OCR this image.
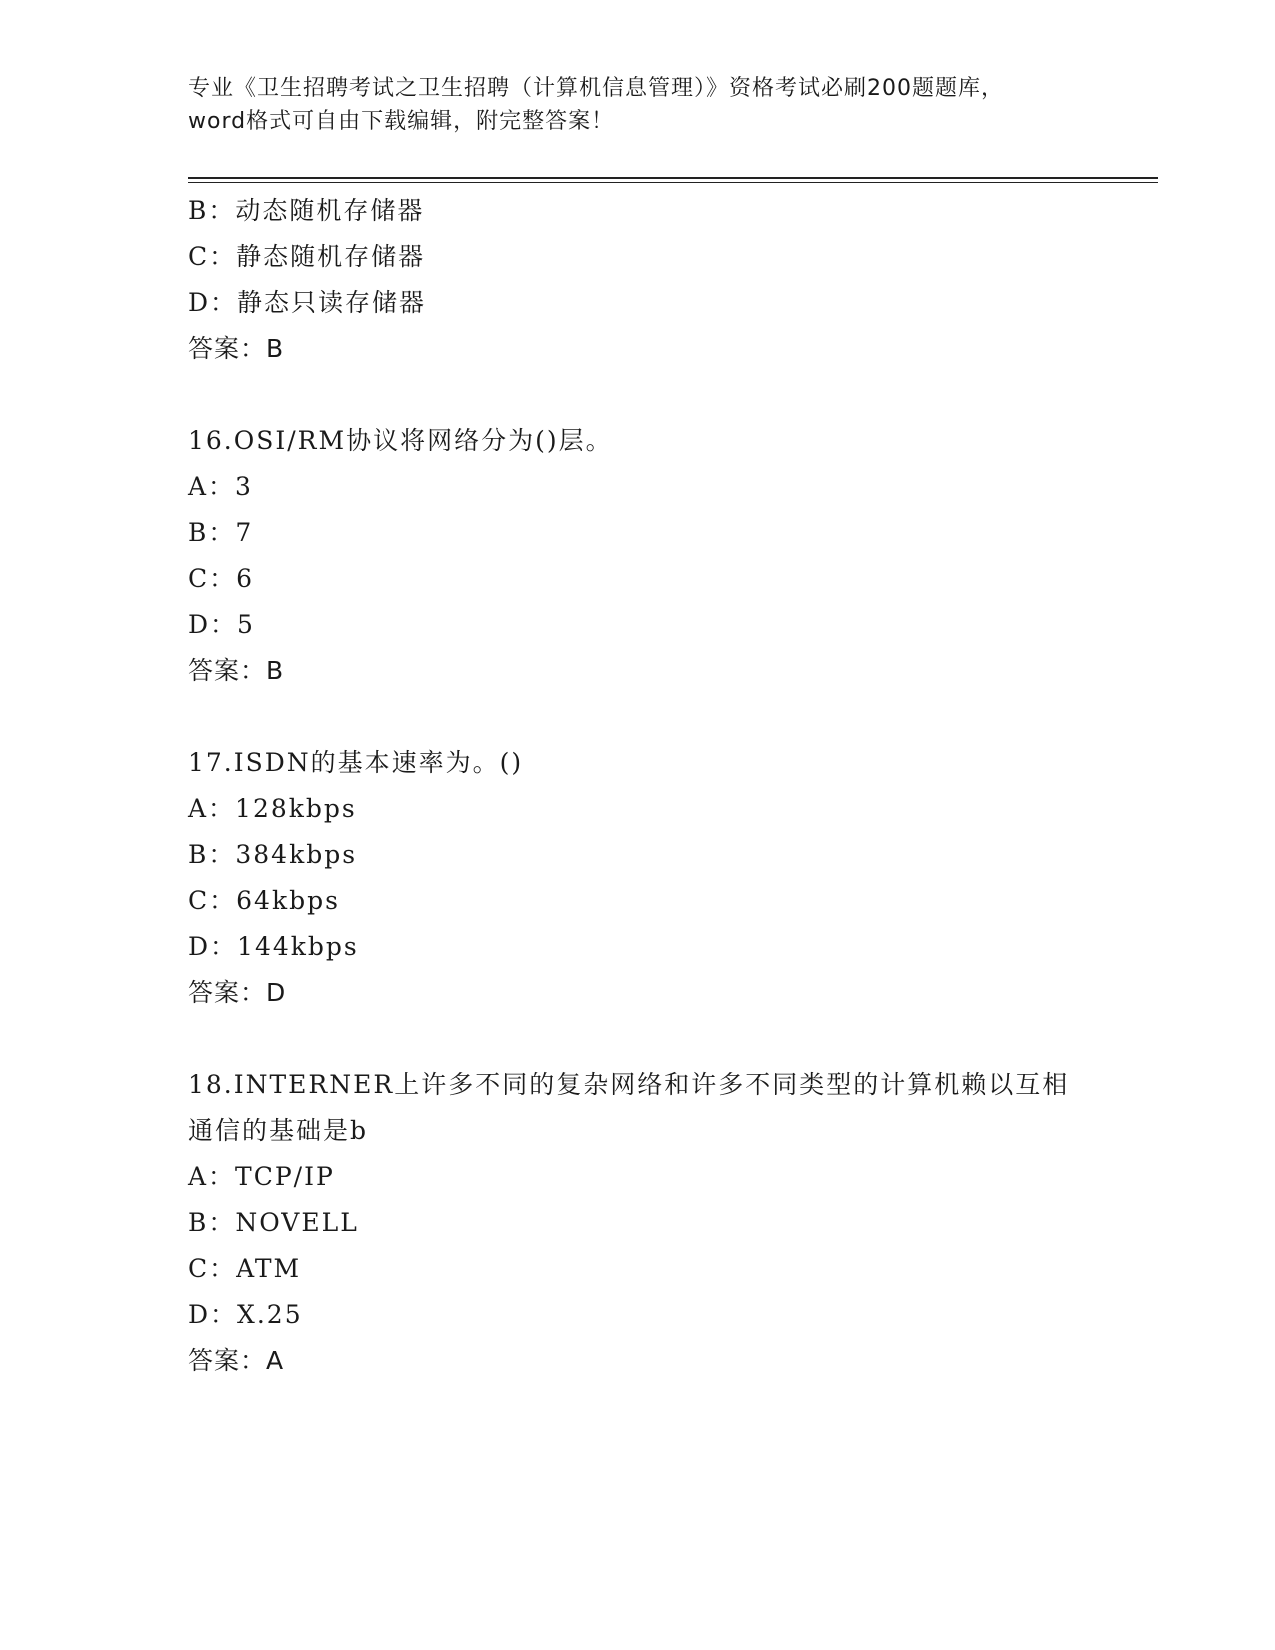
专业《卫生招聘考试之卫生招聘（计算机信息管理）》资格考试必刷200题题库，

word格式可自由下载编辑，附完整答案！

B：动态随机存储器
C：静态随机存储器
D：静态只读存储器
答案：B
16.OSI/RM协议将网络分为()层。
A：3
B：7
C：6
D：5
答案：B
17.ISDN的基本速率为。()
A：128kbps
B：384kbps
C：64kbps
D：144kbps
答案：D
18.INTERNER上许多不同的复杂网络和许多不同类型的计算机赖以互相
通信的基础是b
A：TCP/IP
B：NOVELL
C：ATM
D：X.25
答案：A
